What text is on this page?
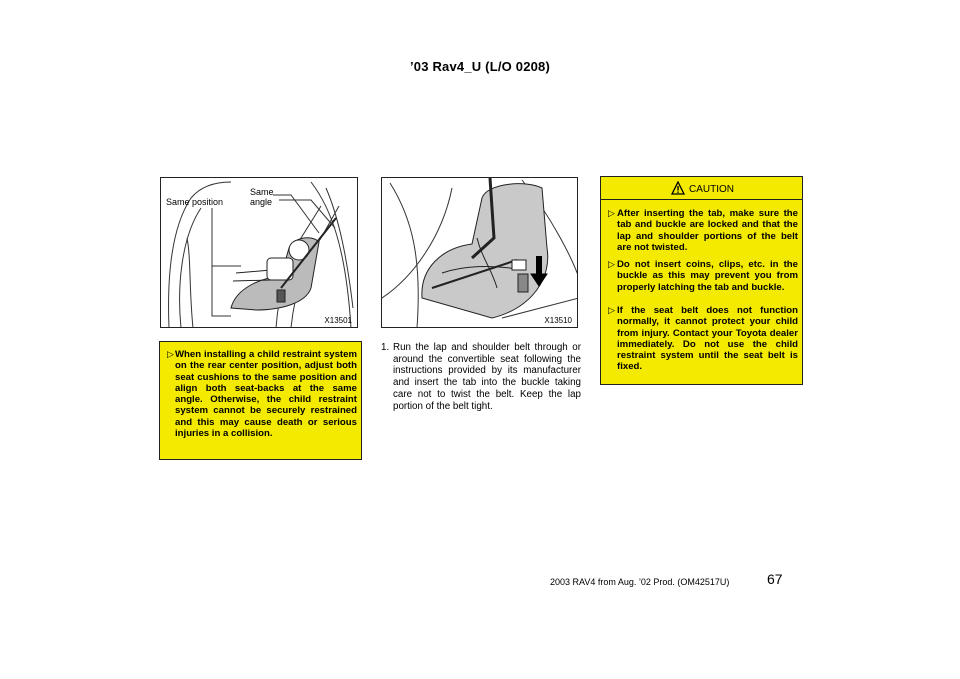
’03 Rav4_U (L/O 0208)
Same position
Same
angle
X13501	X13510
▷ When installing a child restraint system on the rear center position, adjust both seat cushions to the same position and align both seat-backs at the same angle. Otherwise, the child restraint system cannot be securely restrained and this may cause death or serious injuries in a collision.
1. Run the lap and shoulder belt through or around the convertible seat following the instructions provided by its manufacturer and insert the tab into the buckle taking care not to twist the belt. Keep the lap portion of the belt tight.
CAUTION
▷ After inserting the tab, make sure the tab and buckle are locked and that the lap and shoulder portions of the belt are not twisted.
▷ Do not insert coins, clips, etc. in the buckle as this may prevent you from properly latching the tab and buckle.
▷ If the seat belt does not function normally, it cannot protect your child from injury. Contact your Toyota dealer immediately. Do not use the child restraint system until the seat belt is fixed.
2003 RAV4 from Aug. ’02 Prod. (OM42517U)	67
